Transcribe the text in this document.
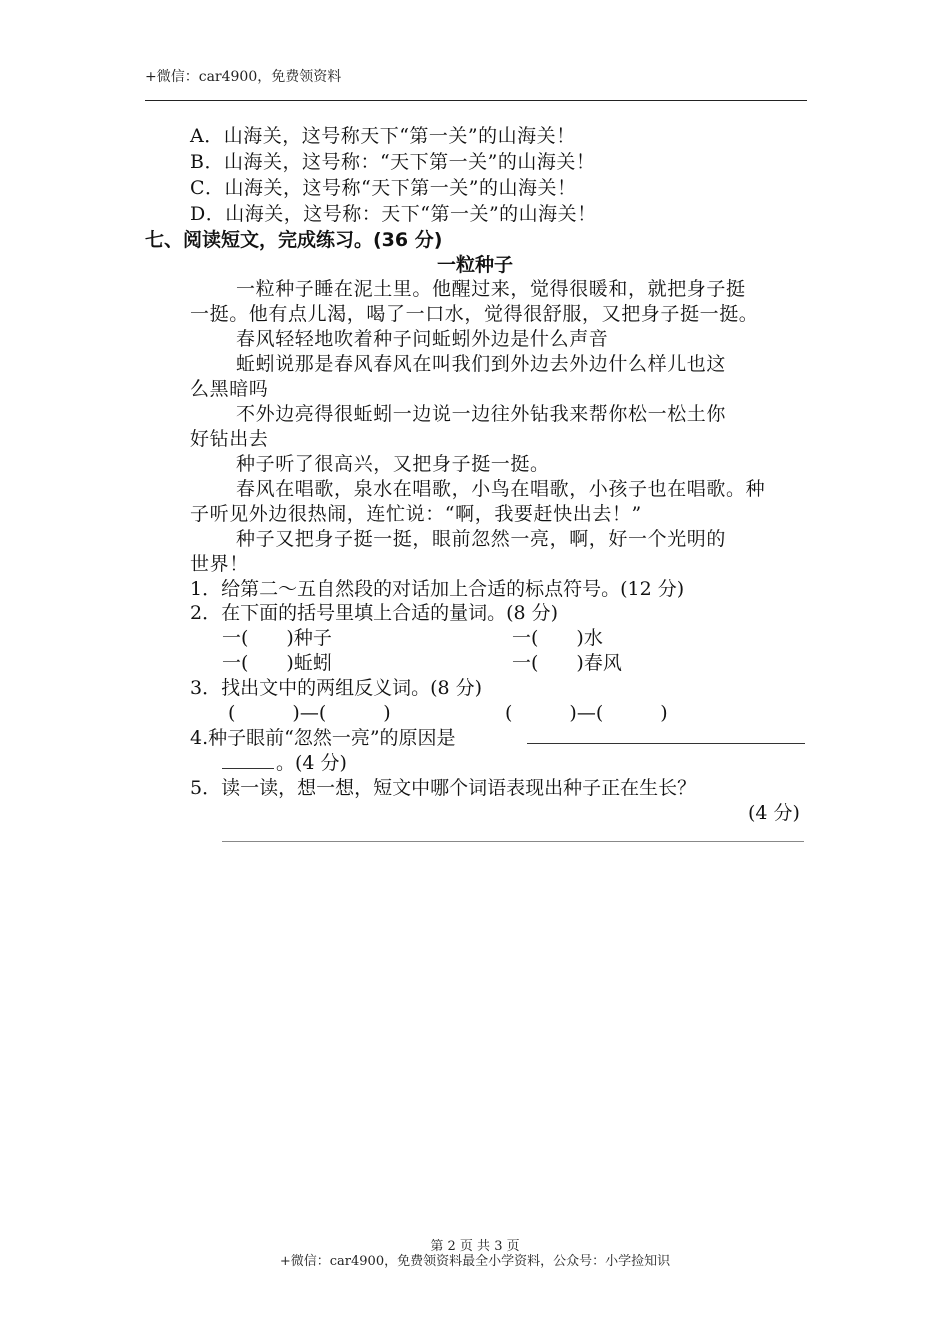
+微信：car4900，免费领资料
A．山海关，这号称天下“第一关”的山海关！
B．山海关，这号称：“天下第一关”的山海关！
C．山海关，这号称“天下第一关”的山海关！
D．山海关，这号称：天下“第一关”的山海关！
七、阅读短文，完成练习。(36 分)
一粒种子
一粒种子睡在泥土里。他醒过来，觉得很暖和，就把身子挺
一挺。他有点儿渴，喝了一口水，觉得很舒服，又把身子挺一挺。
春风轻轻地吹着种子问蚯蚓外边是什么声音
蚯蚓说那是春风春风在叫我们到外边去外边什么样儿也这
么黑暗吗
不外边亮得很蚯蚓一边说一边往外钻我来帮你松一松土你
好钻出去
种子听了很高兴，又把身子挺一挺。
春风在唱歌，泉水在唱歌，小鸟在唱歌，小孩子也在唱歌。种
子听见外边很热闹，连忙说：“啊，我要赶快出去！”
种子又把身子挺一挺，眼前忽然一亮，啊，好一个光明的
世界！
1．给第二～五自然段的对话加上合适的标点符号。(12 分)
2．在下面的括号里填上合适的量词。(8 分)
一(　　)种子	一(　　)水
一(　　)蚯蚓	一(　　)春风
3．找出文中的两组反义词。(8 分)
(　　　)—(　　　)	(　　　)—(　　　)
4.种子眼前“忽然一亮”的原因是
。(4 分)
5．读一读，想一想，短文中哪个词语表现出种子正在生长？
(4 分)
第 2 页 共 3 页
+微信：car4900，免费领资料最全小学资料，公众号：小学捡知识
